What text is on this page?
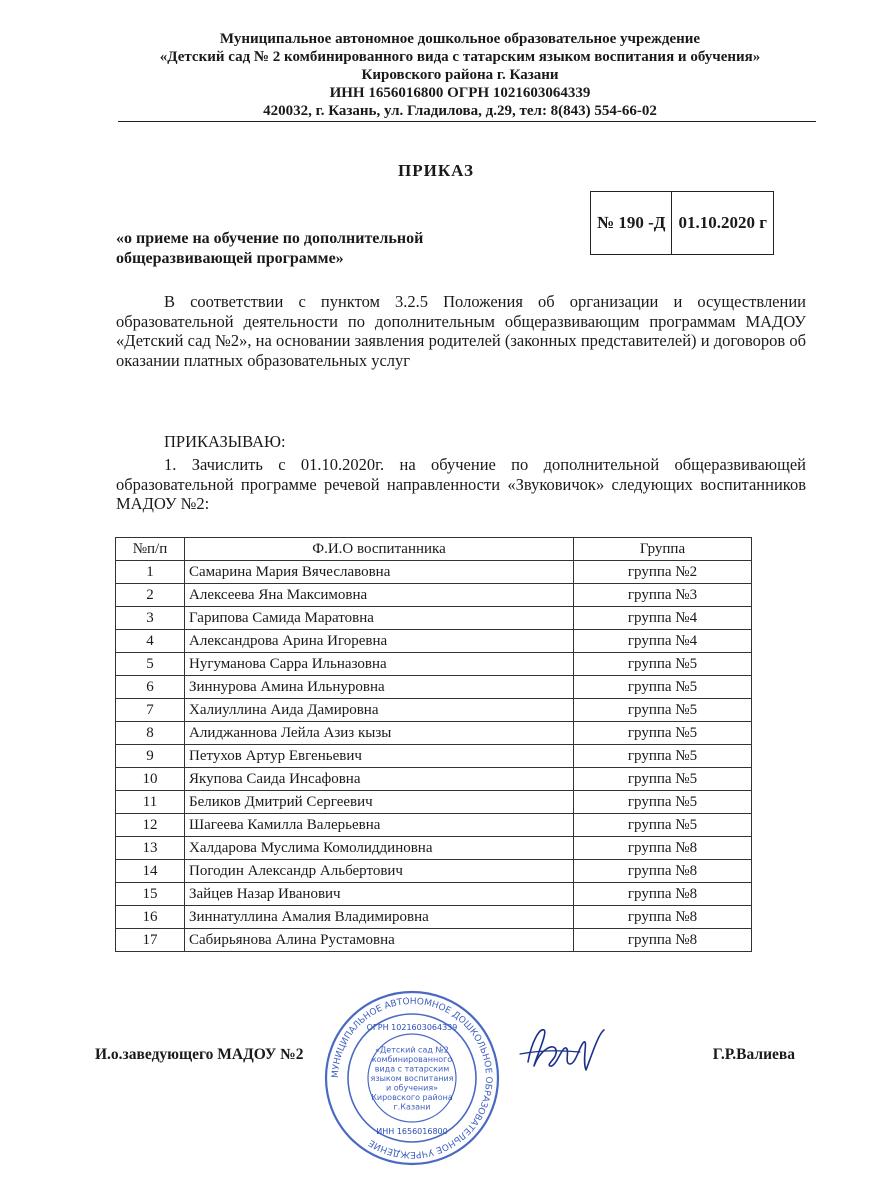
Муниципальное автономное дошкольное образовательное учреждение
«Детский сад № 2 комбинированного вида с татарским языком воспитания и обучения»
Кировского района г. Казани
ИНН 1656016800 ОГРН 1021603064339
420032, г. Казань, ул. Гладилова, д.29, тел: 8(843) 554-66-02
ПРИКАЗ
№ 190 -Д	01.10.2020 г
«о приеме на обучение по дополнительной
общеразвивающей программе»

В соответствии с пунктом 3.2.5 Положения об организации и осуществлении образовательной деятельности по дополнительным общеразвивающим программам МАДОУ «Детский сад №2», на основании заявления родителей (законных представителей) и договоров об оказании платных образовательных услуг

ПРИКАЗЫВАЮ:

1. Зачислить с 01.10.2020г. на обучение по дополнительной общеразвивающей образовательной программе речевой направленности «Звуковичок» следующих воспитанников МАДОУ №2:

№п/п	Ф.И.О воспитанника	Группа
1	Самарина Мария Вячеславовна	группа №2
2	Алексеева Яна Максимовна	группа №3
3	Гарипова Самида Маратовна	группа №4
4	Александрова Арина Игоревна	группа №4
5	Нугуманова Сарра Ильназовна	группа №5
6	Зиннурова Амина Ильнуровна	группа №5
7	Халиуллина Аида Дамировна	группа №5
8	Алиджаннова Лейла Азиз кызы	группа №5
9	Петухов Артур Евгеньевич	группа №5
10	Якупова Саида Инсафовна	группа №5
11	Беликов Дмитрий Сергеевич	группа №5
12	Шагеева Камилла Валерьевна	группа №5
13	Халдарова Муслима Комолиддиновна	группа №8
14	Погодин Александр Альбертович	группа №8
15	Зайцев Назар Иванович	группа №8
16	Зиннатуллина Амалия Владимировна	группа №8
17	Сабирьянова Алина Рустамовна	группа №8
И.о.заведующего МАДОУ №2	Г.Р.Валиева
МУНИЦИПАЛЬНОЕ АВТОНОМНОЕ ДОШКОЛЬНОЕ ОБРАЗОВАТЕЛЬНОЕ УЧРЕЖДЕНИЕ
«Детский сад №2
комбинированного
вида с татарским
языком воспитания
и обучения»
Кировского района
г.Казани
ОГРН 1021603064339
ИНН 1656016800
